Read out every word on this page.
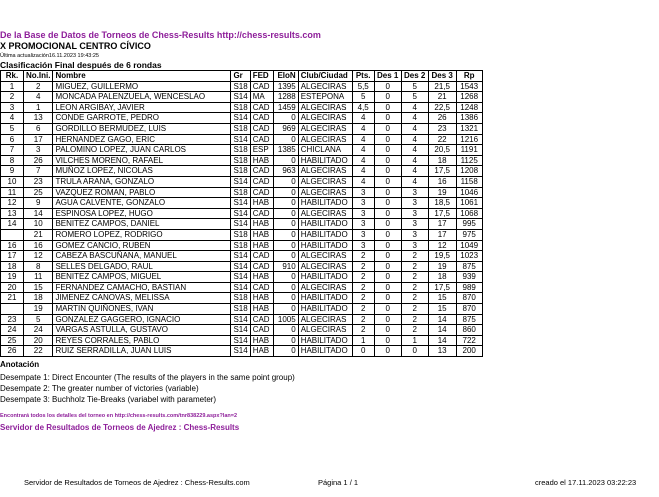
De la Base de Datos de Torneos de Chess-Results http://chess-results.com
X PROMOCIONAL CENTRO CÍVICO
Última actualización16.11.2023 19:43:25
Clasificación Final después de 6 rondas
Rk.	No.Ini.	Nombre	Gr	FED	EloN	Club/Ciudad	Pts.	Des 1	Des 2	Des 3	Rp
1	2	MIGUEZ, GUILLERMO	S18	CAD	1395	ALGECIRAS	5,5	0	5	21,5	1543
2	4	MONCADA PALENZUELA, WENCESLAO	S14	MA	1288	ESTEPONA	5	0	5	21	1268
3	1	LEON ARGIBAY, JAVIER	S18	CAD	1459	ALGECIRAS	4,5	0	4	22,5	1248
4	13	CONDE GARROTE, PEDRO	S14	CAD	0	ALGECIRAS	4	0	4	26	1386
5	6	GORDILLO BERMUDEZ, LUIS	S18	CAD	969	ALGECIRAS	4	0	4	23	1321
6	17	HERNANDEZ GAGO, ERIC	S14	CAD	0	ALGECIRAS	4	0	4	22	1216
7	3	PALOMINO LOPEZ, JUAN CARLOS	S18	ESP	1385	CHICLANA	4	0	4	20,5	1191
8	26	VILCHES MORENO, RAFAEL	S18	HAB	0	HABILITADO	4	0	4	18	1125
9	7	MUÑOZ LOPEZ, NICOLAS	S18	CAD	963	ALGECIRAS	4	0	4	17,5	1208
10	23	TRULA ARANA, GONZALO	S14	CAD	0	ALGECIRAS	4	0	4	16	1158
11	25	VAZQUEZ ROMAN, PABLO	S18	CAD	0	ALGECIRAS	3	0	3	19	1046
12	9	AGUA CALVENTE, GONZALO	S14	HAB	0	HABILITADO	3	0	3	18,5	1061
13	14	ESPINOSA LOPEZ, HUGO	S14	CAD	0	ALGECIRAS	3	0	3	17,5	1068
14	10	BENITEZ CAMPOS, DANIEL	S14	HAB	0	HABILITADO	3	0	3	17	995
	21	ROMERO LOPEZ, RODRIGO	S18	HAB	0	HABILITADO	3	0	3	17	975
16	16	GOMEZ CANCIO, RUBEN	S18	HAB	0	HABILITADO	3	0	3	12	1049
17	12	CABEZA BASCUÑANA, MANUEL	S14	CAD	0	ALGECIRAS	2	0	2	19,5	1023
18	8	SELLES DELGADO, RAUL	S14	CAD	910	ALGECIRAS	2	0	2	19	875
19	11	BENITEZ CAMPOS, MIGUEL	S14	HAB	0	HABILITADO	2	0	2	18	939
20	15	FERNANDEZ CAMACHO, BASTIAN	S14	CAD	0	ALGECIRAS	2	0	2	17,5	989
21	18	JIMENEZ CANOVAS, MELISSA	S18	HAB	0	HABILITADO	2	0	2	15	870
	19	MARTIN QUIÑONES, IVAN	S18	HAB	0	HABILITADO	2	0	2	15	870
23	5	GONZALEZ GAGGERO, IGNACIO	S14	CAD	1005	ALGECIRAS	2	0	2	14	875
24	24	VARGAS ASTULLA, GUSTAVO	S14	CAD	0	ALGECIRAS	2	0	2	14	860
25	20	REYES CORRALES, PABLO	S14	HAB	0	HABILITADO	1	0	1	14	722
26	22	RUIZ SERRADILLA, JUAN LUIS	S14	HAB	0	HABILITADO	0	0	0	13	200
Anotación
Desempate 1: Direct Encounter (The results of the players in the same point group)
Desempate 2: The greater number of victories (variable)
Desempate 3: Buchholz Tie-Breaks (variabel with parameter)
Encontrará todos los detalles del torneo en http://chess-results.com/tnr838229.aspx?lan=2
Servidor de Resultados de Torneos de Ajedrez : Chess-Results
Servidor de Resultados de Torneos de Ajedrez : Chess-Results.com	Página 1 / 1	creado el 17.11.2023 03:22:23
